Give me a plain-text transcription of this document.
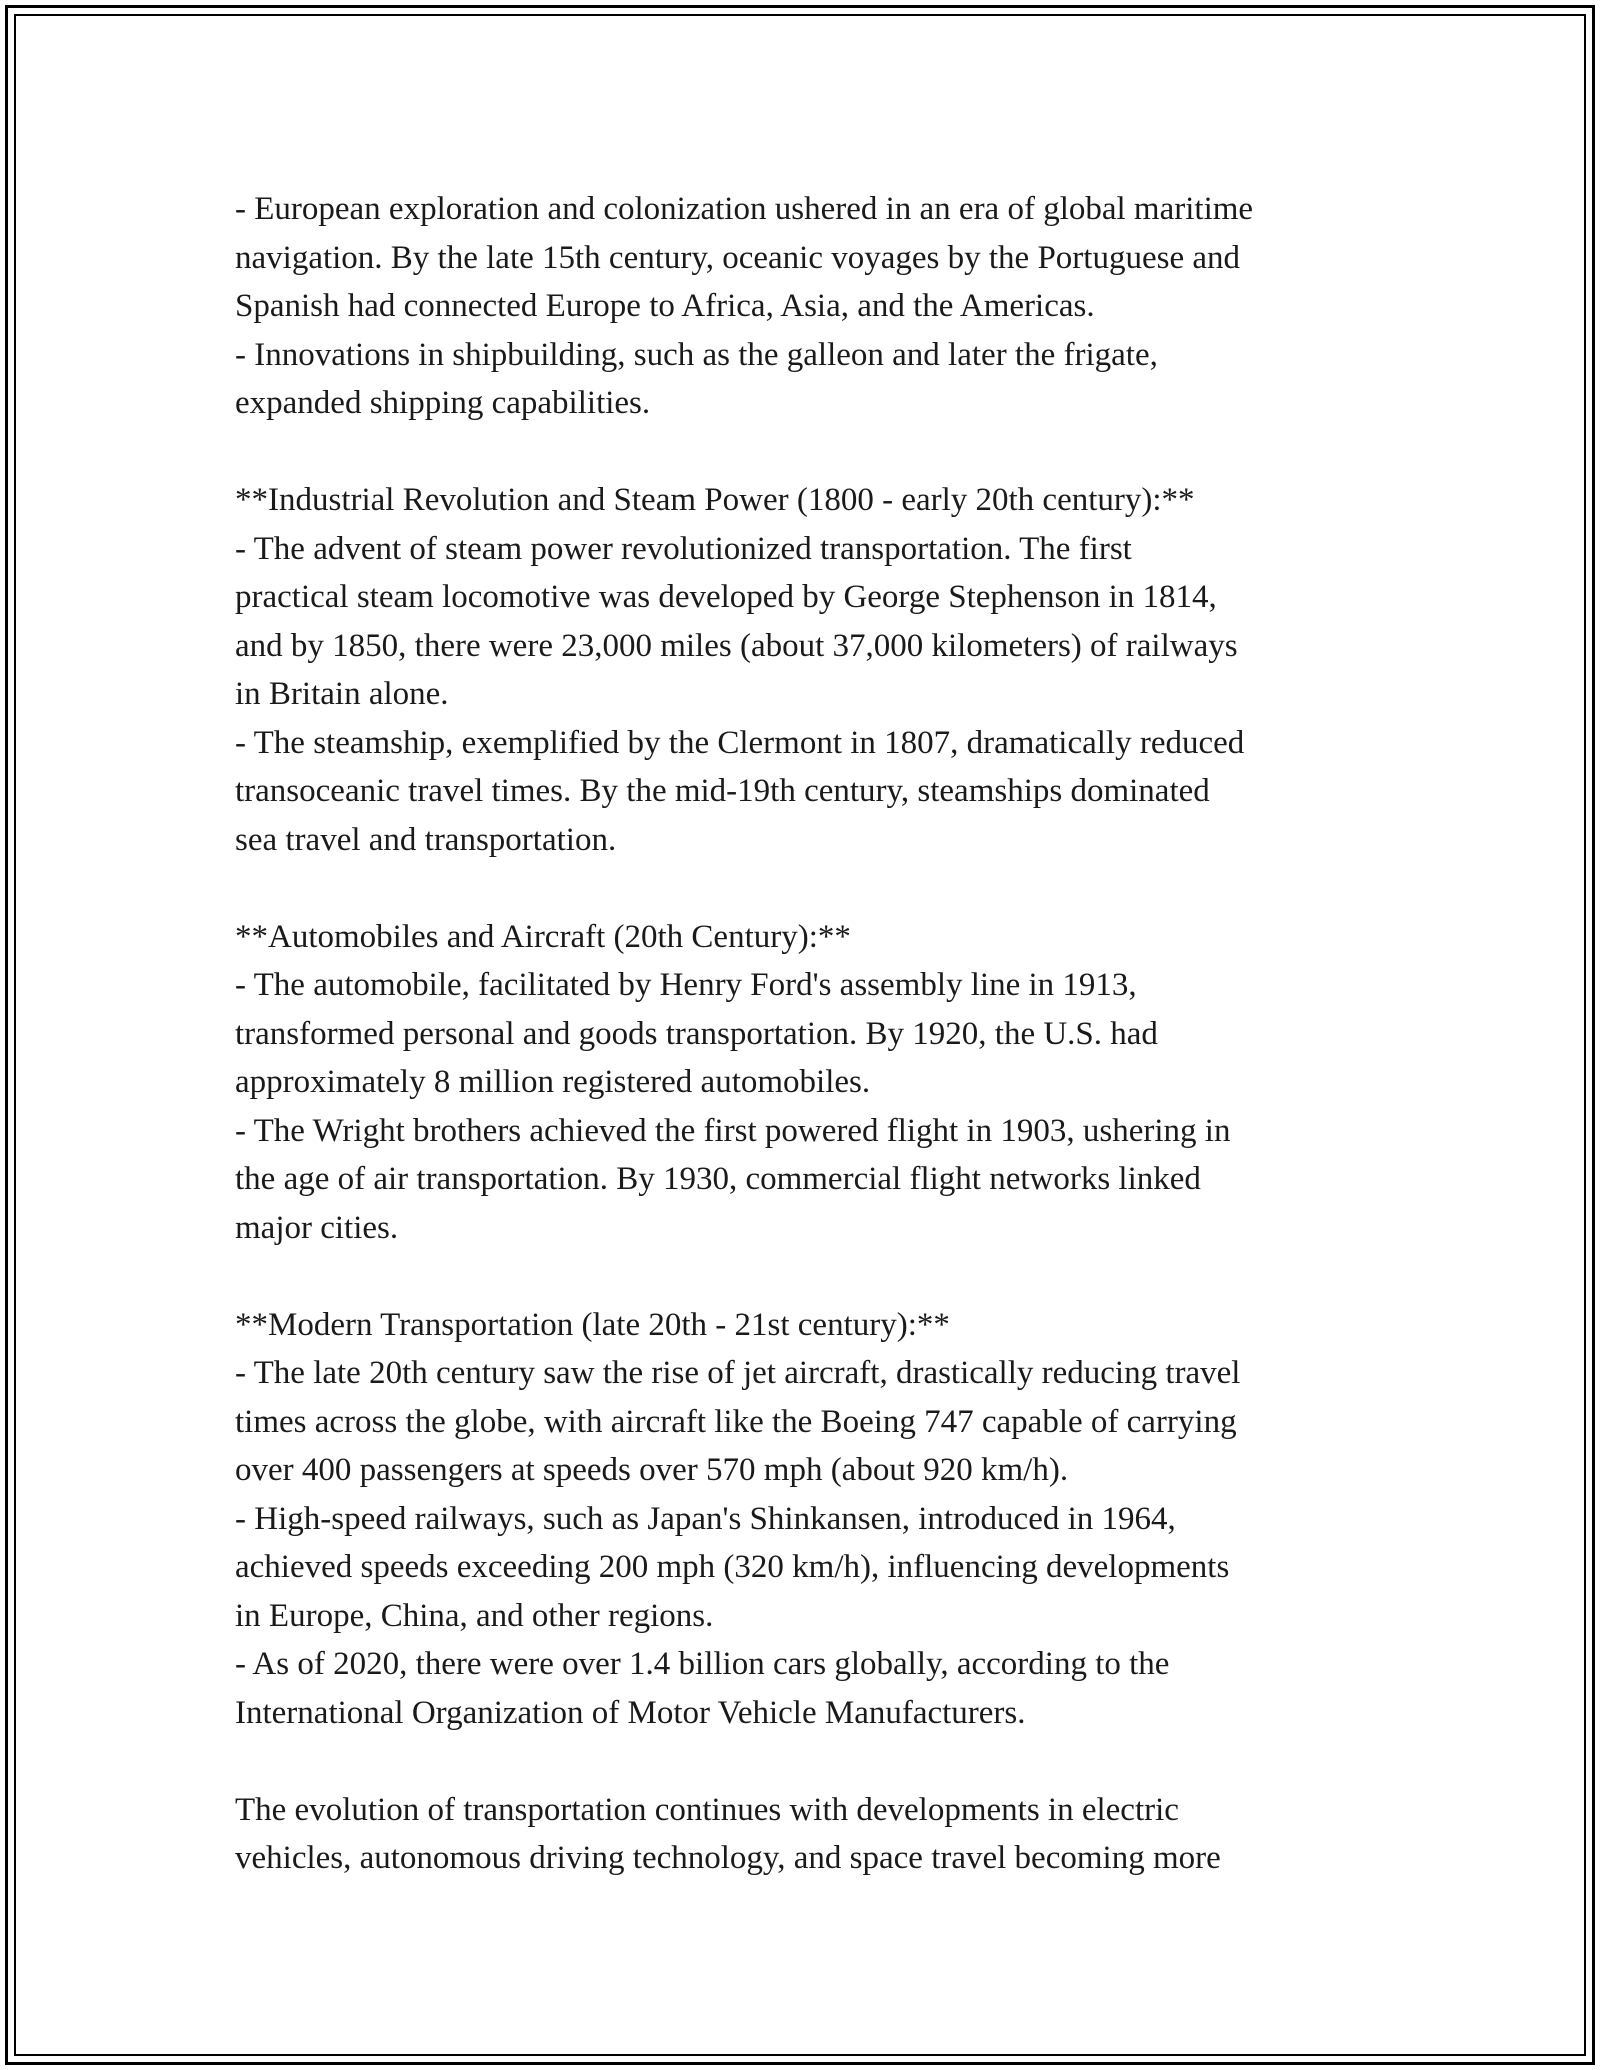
- European exploration and colonization ushered in an era of global maritime
navigation. By the late 15th century, oceanic voyages by the Portuguese and
Spanish had connected Europe to Africa, Asia, and the Americas.
- Innovations in shipbuilding, such as the galleon and later the frigate,
expanded shipping capabilities.
**Industrial Revolution and Steam Power (1800 - early 20th century):**
- The advent of steam power revolutionized transportation. The first
practical steam locomotive was developed by George Stephenson in 1814,
and by 1850, there were 23,000 miles (about 37,000 kilometers) of railways
in Britain alone.
- The steamship, exemplified by the Clermont in 1807, dramatically reduced
transoceanic travel times. By the mid-19th century, steamships dominated
sea travel and transportation.
**Automobiles and Aircraft (20th Century):**
- The automobile, facilitated by Henry Ford's assembly line in 1913,
transformed personal and goods transportation. By 1920, the U.S. had
approximately 8 million registered automobiles.
- The Wright brothers achieved the first powered flight in 1903, ushering in
the age of air transportation. By 1930, commercial flight networks linked
major cities.
**Modern Transportation (late 20th - 21st century):**
- The late 20th century saw the rise of jet aircraft, drastically reducing travel
times across the globe, with aircraft like the Boeing 747 capable of carrying
over 400 passengers at speeds over 570 mph (about 920 km/h).
- High-speed railways, such as Japan's Shinkansen, introduced in 1964,
achieved speeds exceeding 200 mph (320 km/h), influencing developments
in Europe, China, and other regions.
- As of 2020, there were over 1.4 billion cars globally, according to the
International Organization of Motor Vehicle Manufacturers.
The evolution of transportation continues with developments in electric
vehicles, autonomous driving technology, and space travel becoming more
